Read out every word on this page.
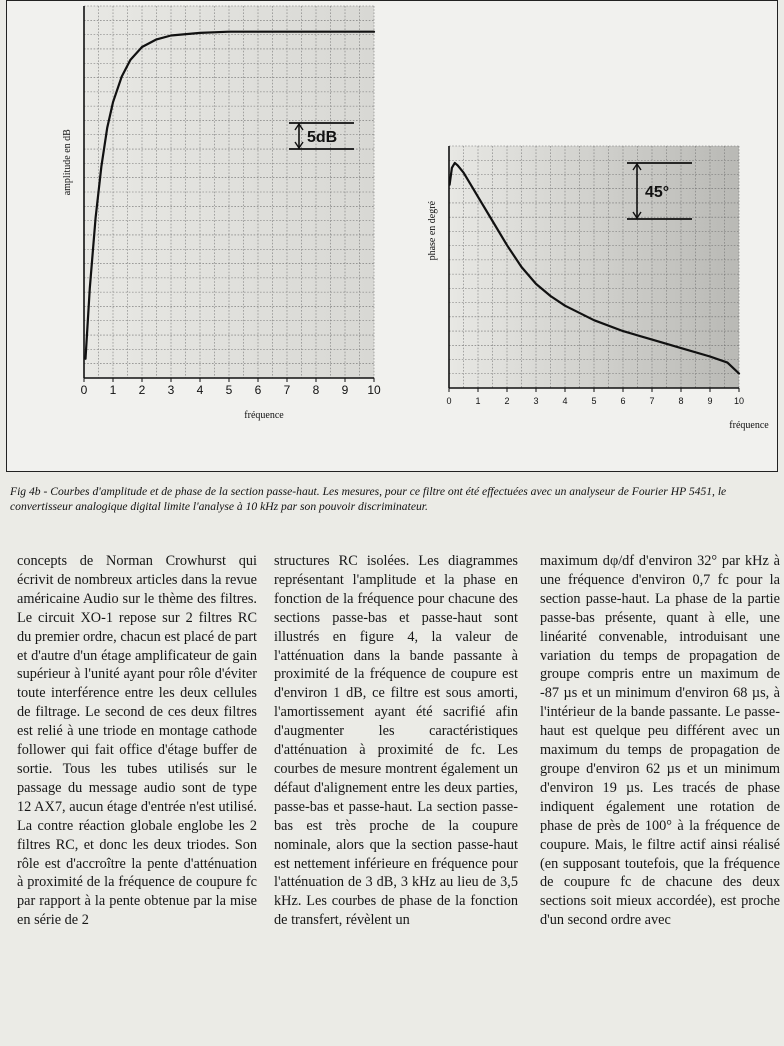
0 1 2 3 4 5 6 7 8 9 10
fréquence
amplitude en dB	5dB
0	1	2	3	4	5	6	7	8	9 10
fréquence
phase en degré
45°

Fig 4b - Courbes d'amplitude et de phase de la section passe-haut. Les mesures, pour ce filtre ont été effectuées avec un analyseur de Fourier HP 5451, le convertisseur analogique digital limite l'analyse à 10 kHz par son pouvoir discriminateur.

concepts de Norman Crowhurst qui écrivit de nombreux articles dans la revue américaine Audio sur le thème des filtres. Le circuit XO-1 repose sur 2 filtres RC du premier ordre, chacun est placé de part et d'autre d'un étage amplificateur de gain supérieur à l'unité ayant pour rôle d'éviter toute interférence entre les deux cellules de filtrage. Le second de ces deux filtres est relié à une triode en montage cathode follower qui fait office d'étage buffer de sortie. Tous les tubes utilisés sur le passage du message audio sont de type 12 AX7, aucun étage d'entrée n'est utilisé. La contre réaction globale englobe les 2 filtres RC, et donc les deux triodes. Son rôle est d'accroître la pente d'atténuation à proximité de la fréquence de coupure fc par rapport à la pente obtenue par la mise en série de 2

structures RC isolées. Les diagrammes représentant l'amplitude et la phase en fonction de la fréquence pour chacune des sections passe-bas et passe-haut sont illustrés en figure 4, la valeur de l'atténuation dans la bande passante à proximité de la fréquence de coupure est d'environ 1 dB, ce filtre est sous amorti, l'amortissement ayant été sacrifié afin d'augmenter les caractéristiques d'atténuation à proximité de fc. Les courbes de mesure montrent également un défaut d'alignement entre les deux parties, passe-bas et passe-haut. La section passe-bas est très proche de la coupure nominale, alors que la section passe-haut est nettement inférieure en fréquence pour l'atténuation de 3 dB, 3 kHz au lieu de 3,5 kHz. Les courbes de phase de la fonction de transfert, révèlent un

maximum dφ/df d'environ 32° par kHz à une fréquence d'environ 0,7 fc pour la section passe-haut. La phase de la partie passe-bas présente, quant à elle, une linéarité convenable, introduisant une variation du temps de propagation de groupe compris entre un maximum de -87 µs et un minimum d'environ 68 µs, à l'intérieur de la bande passante. Le passe-haut est quelque peu différent avec un maximum du temps de propagation de groupe d'environ 62 µs et un minimum d'environ 19 µs. Les tracés de phase indiquent également une rotation de phase de près de 100° à la fréquence de coupure. Mais, le filtre actif ainsi réalisé (en supposant toutefois, que la fréquence de coupure fc de chacune des deux sections soit mieux accordée), est proche d'un second ordre avec
